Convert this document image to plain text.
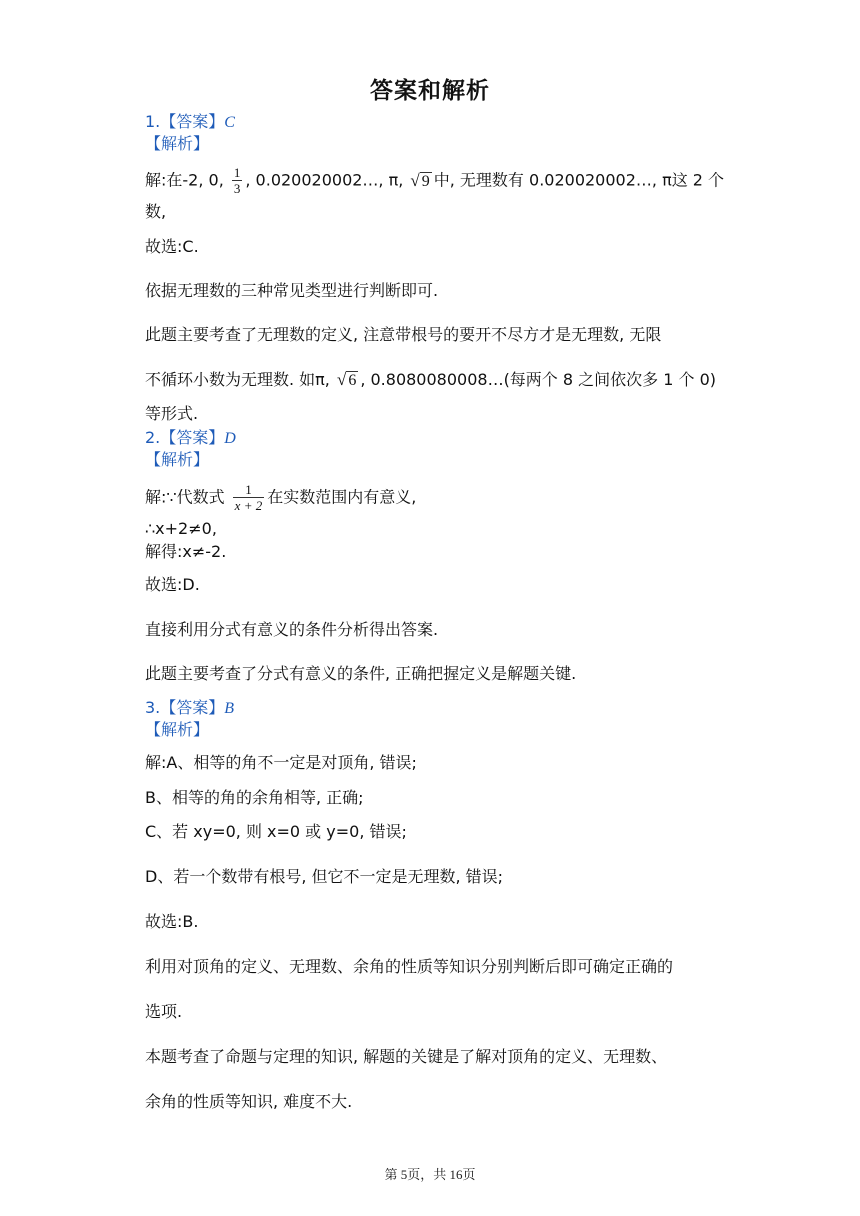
答案和解析
1.【答案】C
【解析】
解:在-2, 0, $\frac{1}{3}$ , 0.020020002…, π, √ 9 中, 无理数有 0.020020002…, π这 2 个
数,
故选:C.
依据无理数的三种常见类型进行判断即可.
此题主要考查了无理数的定义, 注意带根号的要开不尽方才是无理数, 无限
不循环小数为无理数. 如π, √ 6 , 0.8080080008…(每两个 8 之间依次多 1 个 0)
等形式.
2.【答案】D
【解析】
解:∵代数式 $\frac{1}{x + 2}$ 在实数范围内有意义,
∴x+2≠0,
解得:x≠-2.
故选:D.
直接利用分式有意义的条件分析得出答案.
此题主要考查了分式有意义的条件, 正确把握定义是解题关键.
3.【答案】B
【解析】
解:A、相等的角不一定是对顶角, 错误;
B、相等的角的余角相等, 正确;
C、若 xy=0, 则 x=0 或 y=0, 错误;
D、若一个数带有根号, 但它不一定是无理数, 错误;
故选:B.
利用对顶角的定义、无理数、余角的性质等知识分别判断后即可确定正确的
选项.
本题考查了命题与定理的知识, 解题的关键是了解对顶角的定义、无理数、
余角的性质等知识, 难度不大.
第 5页，共 16页
